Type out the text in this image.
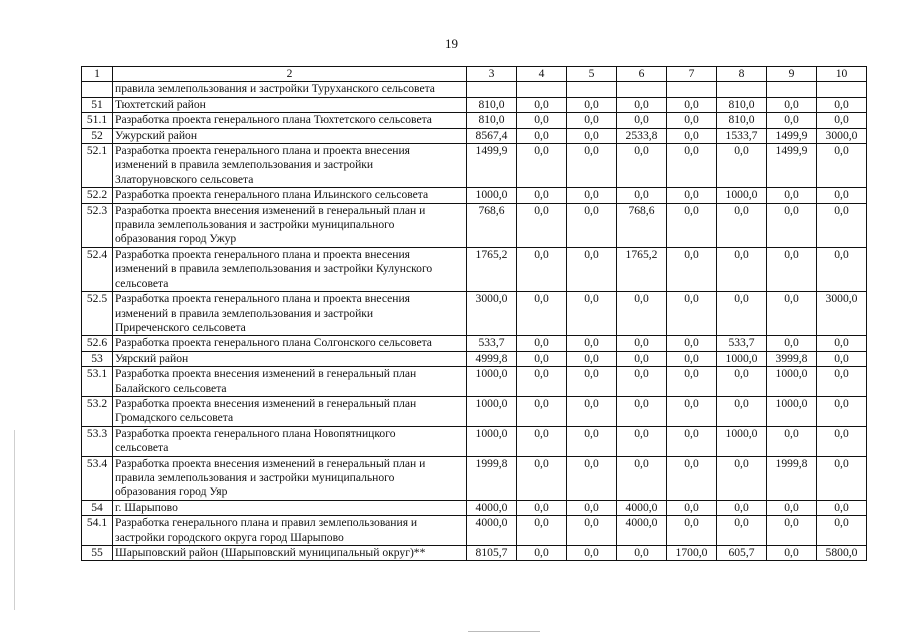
19
1	2	3	4	5	6	7	8	9	10

	правила землепользования и застройки Туруханского сельсовета								

51	Тюхтетский район	810,0	0,0	0,0	0,0	0,0	810,0	0,0	0,0
51.1	Разработка проекта генерального плана Тюхтетского сельсовета	810,0	0,0	0,0	0,0	0,0	810,0	0,0	0,0
52	Ужурский район	8567,4	0,0	0,0	2533,8	0,0	1533,7	1499,9	3000,0
52.1	Разработка проекта генерального плана и проекта внесения
изменений в правила землепользования и застройки
Златоруновского сельсовета	1499,9	0,0	0,0	0,0	0,0	0,0	1499,9	0,0
52.2	Разработка проекта генерального плана Ильинского сельсовета	1000,0	0,0	0,0	0,0	0,0	1000,0	0,0	0,0
52.3	Разработка проекта внесения изменений в генеральный план и
правила землепользования и застройки муниципального
образования город Ужур	768,6	0,0	0,0	768,6	0,0	0,0	0,0	0,0
52.4	Разработка проекта генерального плана и проекта внесения
изменений в правила землепользования и застройки Кулунского
сельсовета	1765,2	0,0	0,0	1765,2	0,0	0,0	0,0	0,0
52.5	Разработка проекта генерального плана и проекта внесения
изменений в правила землепользования и застройки
Приреченского сельсовета	3000,0	0,0	0,0	0,0	0,0	0,0	0,0	3000,0
52.6	Разработка проекта генерального плана Солгонского сельсовета	533,7	0,0	0,0	0,0	0,0	533,7	0,0	0,0
53	Уярский район	4999,8	0,0	0,0	0,0	0,0	1000,0	3999,8	0,0
53.1	Разработка проекта внесения изменений в генеральный план
Балайского сельсовета	1000,0	0,0	0,0	0,0	0,0	0,0	1000,0	0,0
53.2	Разработка проекта внесения изменений в генеральный план
Громадского сельсовета	1000,0	0,0	0,0	0,0	0,0	0,0	1000,0	0,0
53.3	Разработка проекта генерального плана Новопятницкого
сельсовета	1000,0	0,0	0,0	0,0	0,0	1000,0	0,0	0,0
53.4	Разработка проекта внесения изменений в генеральный план и
правила землепользования и застройки муниципального
образования город Уяр	1999,8	0,0	0,0	0,0	0,0	0,0	1999,8	0,0
54	г. Шарыпово	4000,0	0,0	0,0	4000,0	0,0	0,0	0,0	0,0
54.1	Разработка генерального плана и правил землепользования и
застройки городского округа город Шарыпово	4000,0	0,0	0,0	4000,0	0,0	0,0	0,0	0,0
55	Шарыповский район (Шарыповский муниципальный округ)**	8105,7	0,0	0,0	0,0	1700,0	605,7	0,0	5800,0
